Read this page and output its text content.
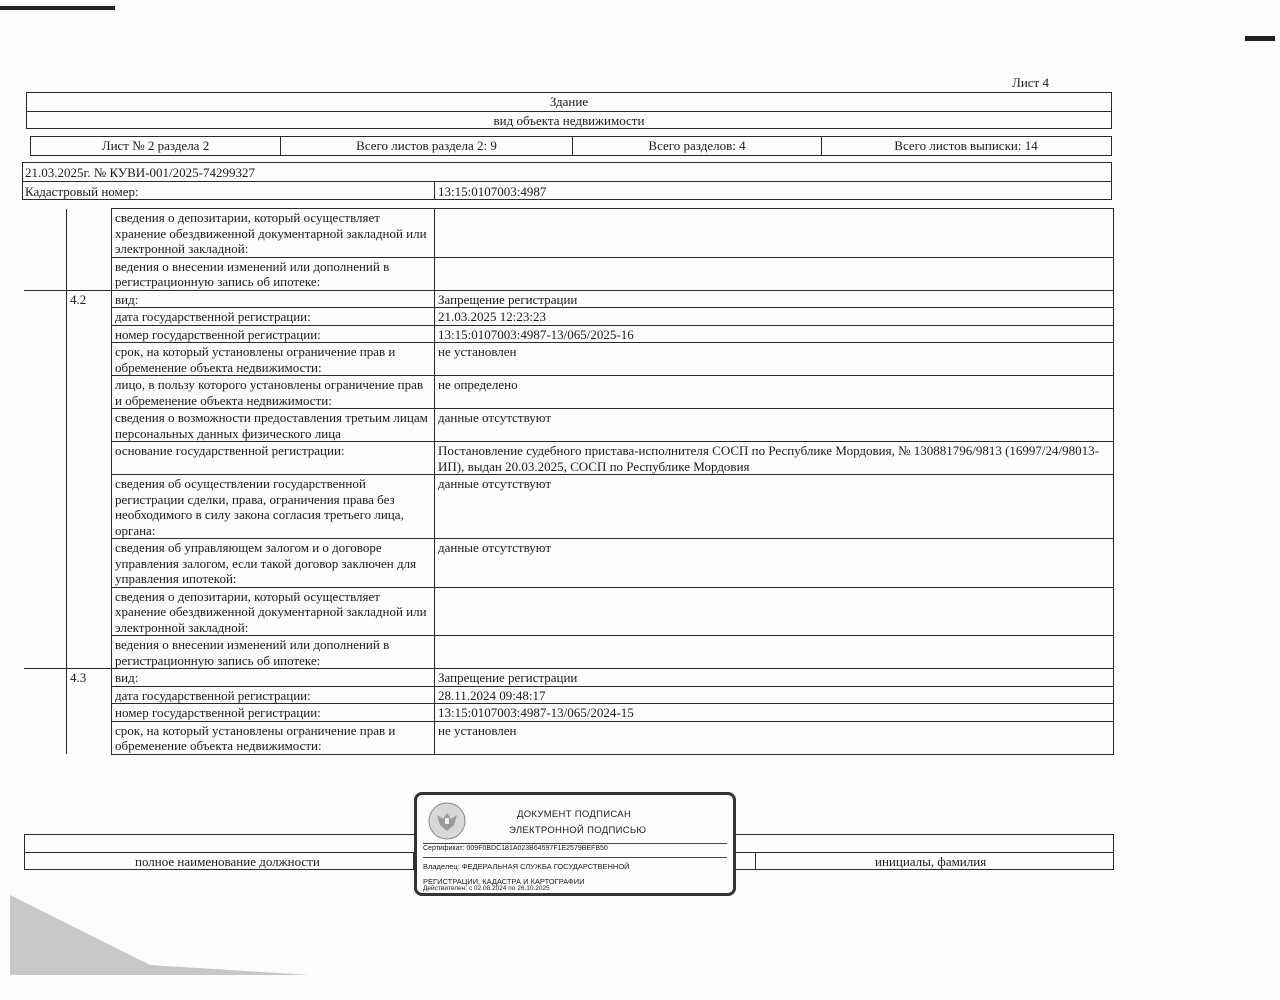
Лист 4
Здание
вид объекта недвижимости
Лист № 2 раздела 2	Всего листов раздела 2: 9	Всего разделов: 4	Всего листов выписки: 14
21.03.2025г. № КУВИ-001/2025-74299327
Кадастровый номер:	13:15:0107003:4987
		сведения о депозитарии, который осуществляет хранение обездвиженной документарной закладной или электронной закладной:	
		ведения о внесении изменений или дополнений в регистрационную запись об ипотеке:	
	4.2	вид:	Запрещение регистрации
		дата государственной регистрации:	21.03.2025 12:23:23
		номер государственной регистрации:	13:15:0107003:4987-13/065/2025-16
		срок, на который установлены ограничение прав и обременение объекта недвижимости:	не установлен
		лицо, в пользу которого установлены ограничение прав и обременение объекта недвижимости:	не определено
		сведения о возможности предоставления третьим лицам персональных данных физического лица	данные отсутствуют
		основание государственной регистрации:	Постановление судебного пристава-исполнителя СОСП по Республике Мордовия, № 130881796/9813 (16997/24/98013-ИП), выдан 20.03.2025, СОСП по Республике Мордовия
		сведения об осуществлении государственной регистрации сделки, права, ограничения права без необходимого в силу закона согласия третьего лица, органа:	данные отсутствуют
		сведения об управляющем залогом и о договоре управления залогом, если такой договор заключен для управления ипотекой:	данные отсутствуют
		сведения о депозитарии, который осуществляет хранение обездвиженной документарной закладной или электронной закладной:	
		ведения о внесении изменений или дополнений в регистрационную запись об ипотеке:	
	4.3	вид:	Запрещение регистрации
		дата государственной регистрации:	28.11.2024 09:48:17
		номер государственной регистрации:	13:15:0107003:4987-13/065/2024-15
		срок, на который установлены ограничение прав и обременение объекта недвижимости:	не установлен
полное наименование должности	инициалы, фамилия
ДОКУМЕНТ ПОДПИСАН
ЭЛЕКТРОННОЙ ПОДПИСЬЮ
Сертификат: 009F0BDC181A023B64597F1E2579BEFB50
Владелец: ФЕДЕРАЛЬНАЯ СЛУЖБА ГОСУДАРСТВЕННОЙ РЕГИСТРАЦИИ, КАДАСТРА И КАРТОГРАФИИ
Действителен: с 02.08.2024 по 26.10.2025
